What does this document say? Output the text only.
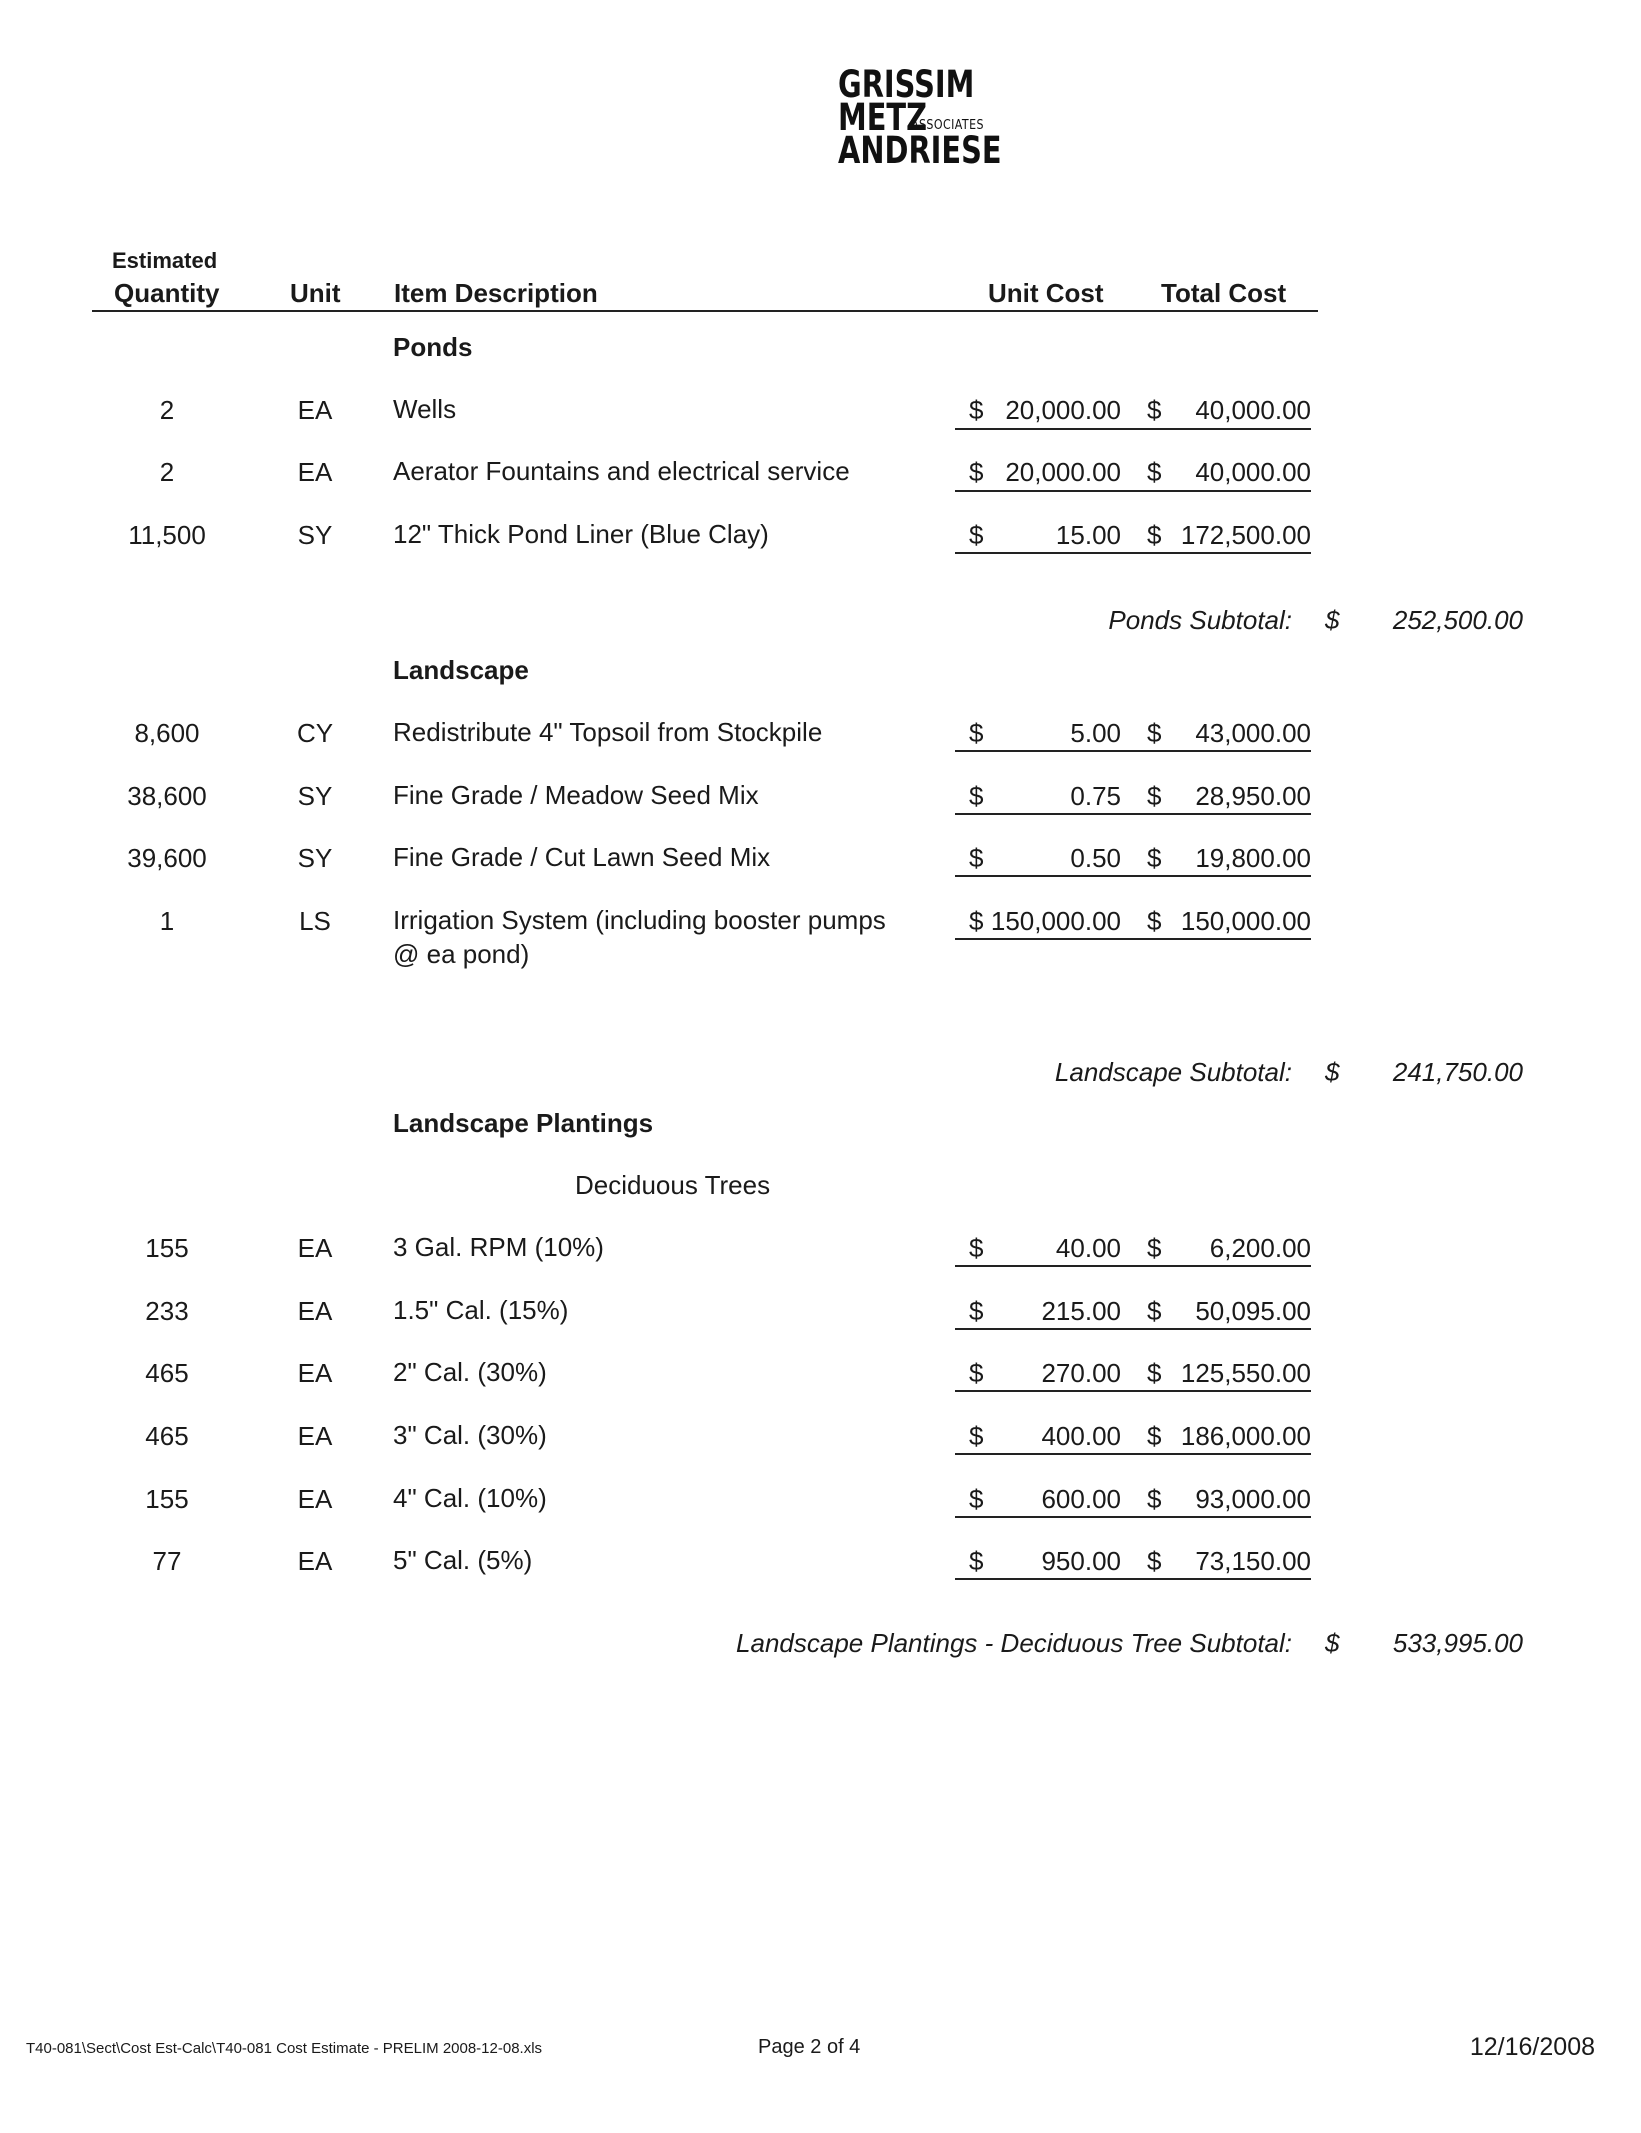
GRISSIM
METZ
ASSOCIATES
ANDRIESE
Estimated
Quantity	Unit Item Description	Unit Cost Total Cost
Ponds
2	EA	Wells	$ 20,000.00 $ 40,000.00
2	EA	Aerator Fountains and electrical service	$ 20,000.00 $ 40,000.00
11,500	SY	12" Thick Pond Liner (Blue Clay)	$	15.00 $ 172,500.00
Ponds Subtotal: $ 252,500.00
Landscape
8,600	CY	Redistribute 4" Topsoil from Stockpile	$	5.00 $ 43,000.00
38,600	SY	Fine Grade / Meadow Seed Mix	$	0.75 $ 28,950.00
39,600	SY	Fine Grade / Cut Lawn Seed Mix	$	0.50 $ 19,800.00
1	LS	Irrigation System (including booster pumps @ ea pond)
$ 150,000.00 $ 150,000.00
Landscape Subtotal: $ 241,750.00
Landscape Plantings
Deciduous Trees
155	EA	3 Gal. RPM (10%)	$	40.00 $ 6,200.00
233	EA	1.5" Cal. (15%)	$ 215.00 $ 50,095.00
465	EA	2" Cal. (30%)	$ 270.00 $ 125,550.00
465	EA	3" Cal. (30%)	$ 400.00 $ 186,000.00
155	EA	4" Cal. (10%)	$ 600.00 $ 93,000.00
77	EA	5" Cal. (5%)	$ 950.00 $ 73,150.00
Landscape Plantings - Deciduous Tree Subtotal: $ 533,995.00
T40-081\Sect\Cost Est-Calc\T40-081 Cost Estimate - PRELIM 2008-12-08.xls	Page 2 of 4	12/16/2008
